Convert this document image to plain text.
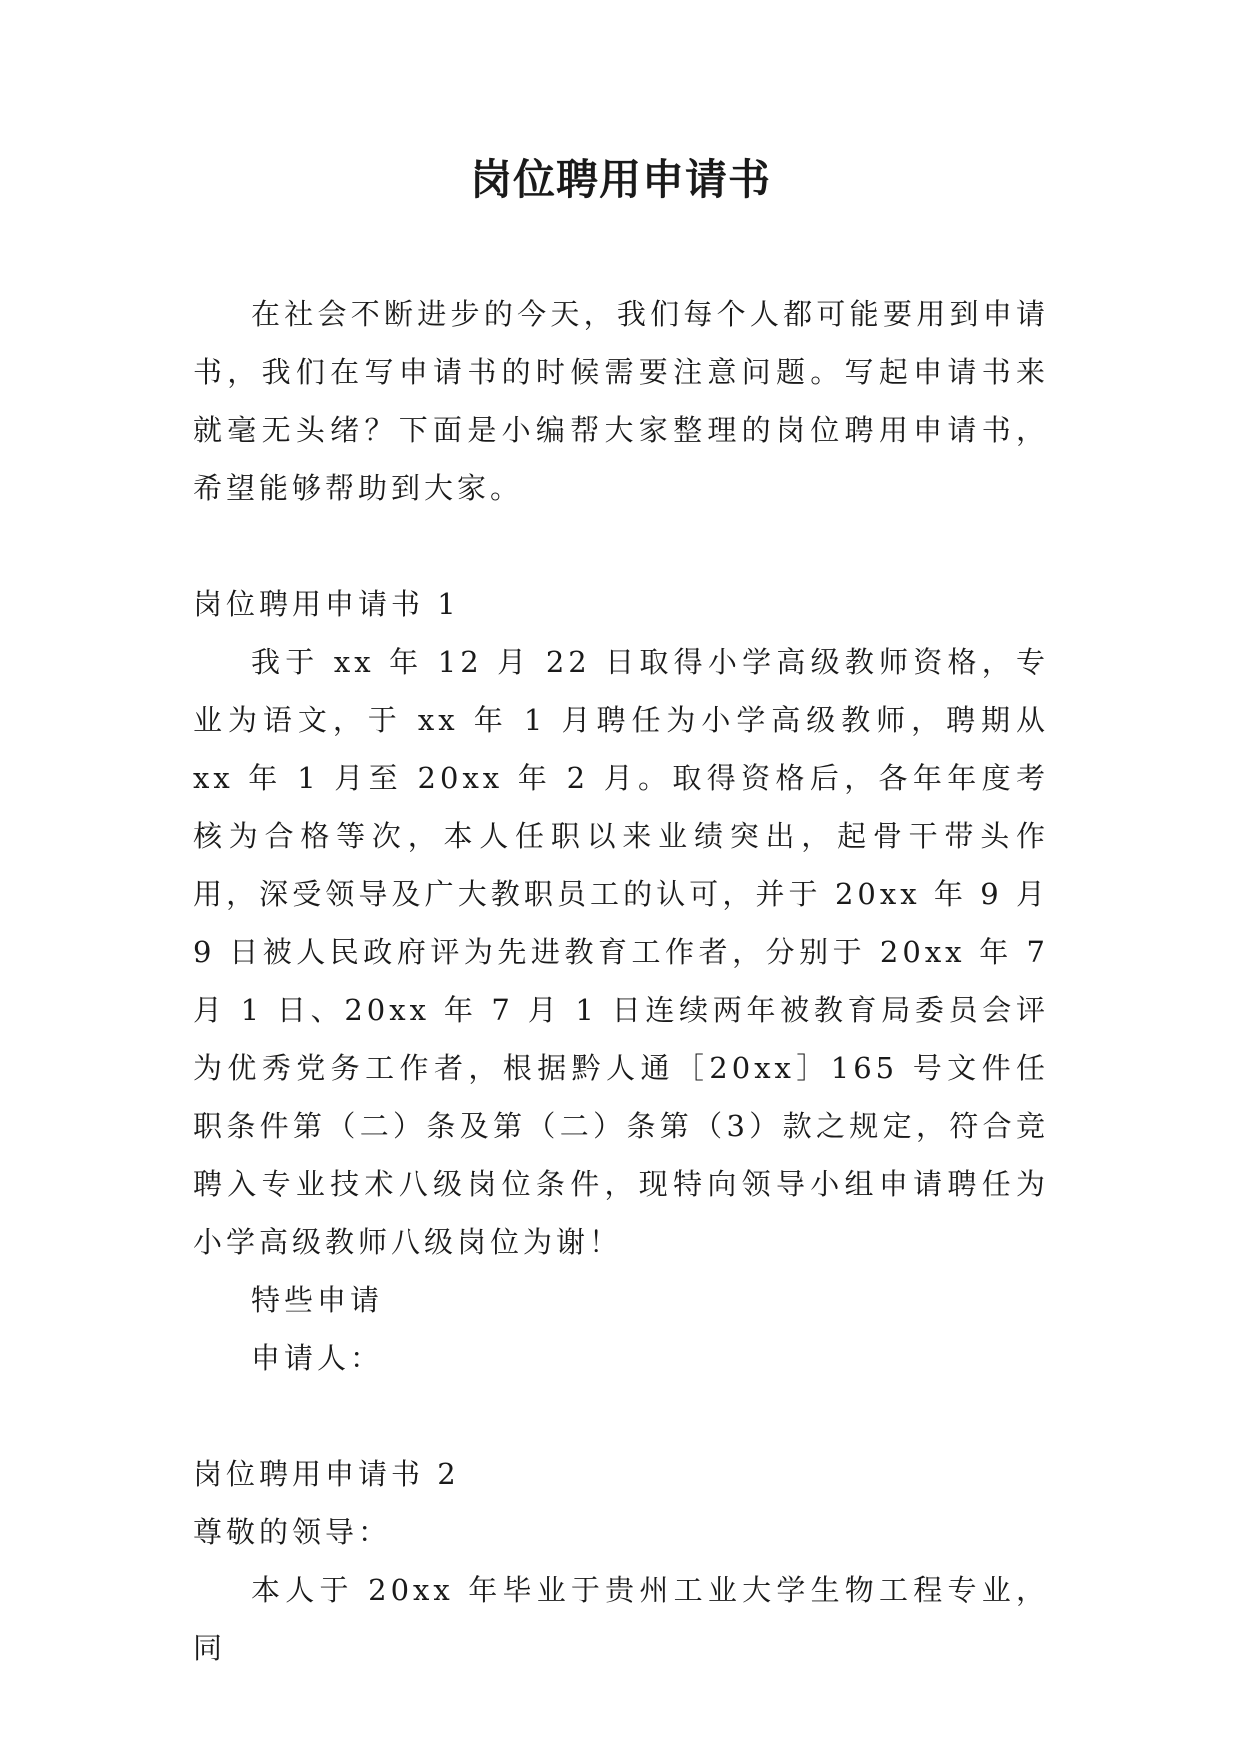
岗位聘用申请书

在社会不断进步的今天，我们每个人都可能要用到申请书，我们在写申请书的时候需要注意问题。写起申请书来就毫无头绪？下面是小编帮大家整理的岗位聘用申请书，希望能够帮助到大家。

岗位聘用申请书 1

我于 xx 年 12 月 22 日取得小学高级教师资格，专业为语文，于 xx 年 1 月聘任为小学高级教师，聘期从 xx 年 1 月至 20xx 年 2 月。取得资格后，各年年度考核为合格等次，本人任职以来业绩突出，起骨干带头作用，深受领导及广大教职员工的认可，并于 20xx 年 9 月 9 日被人民政府评为先进教育工作者，分别于 20xx 年 7 月 1 日、20xx 年 7 月 1 日连续两年被教育局委员会评为优秀党务工作者，根据黔人通［20xx］165 号文件任职条件第（二）条及第（二）条第（3）款之规定，符合竞聘入专业技术八级岗位条件，现特向领导小组申请聘任为小学高级教师八级岗位为谢！

特些申请

申请人：

岗位聘用申请书 2

尊敬的领导：

本人于 20xx 年毕业于贵州工业大学生物工程专业，同
